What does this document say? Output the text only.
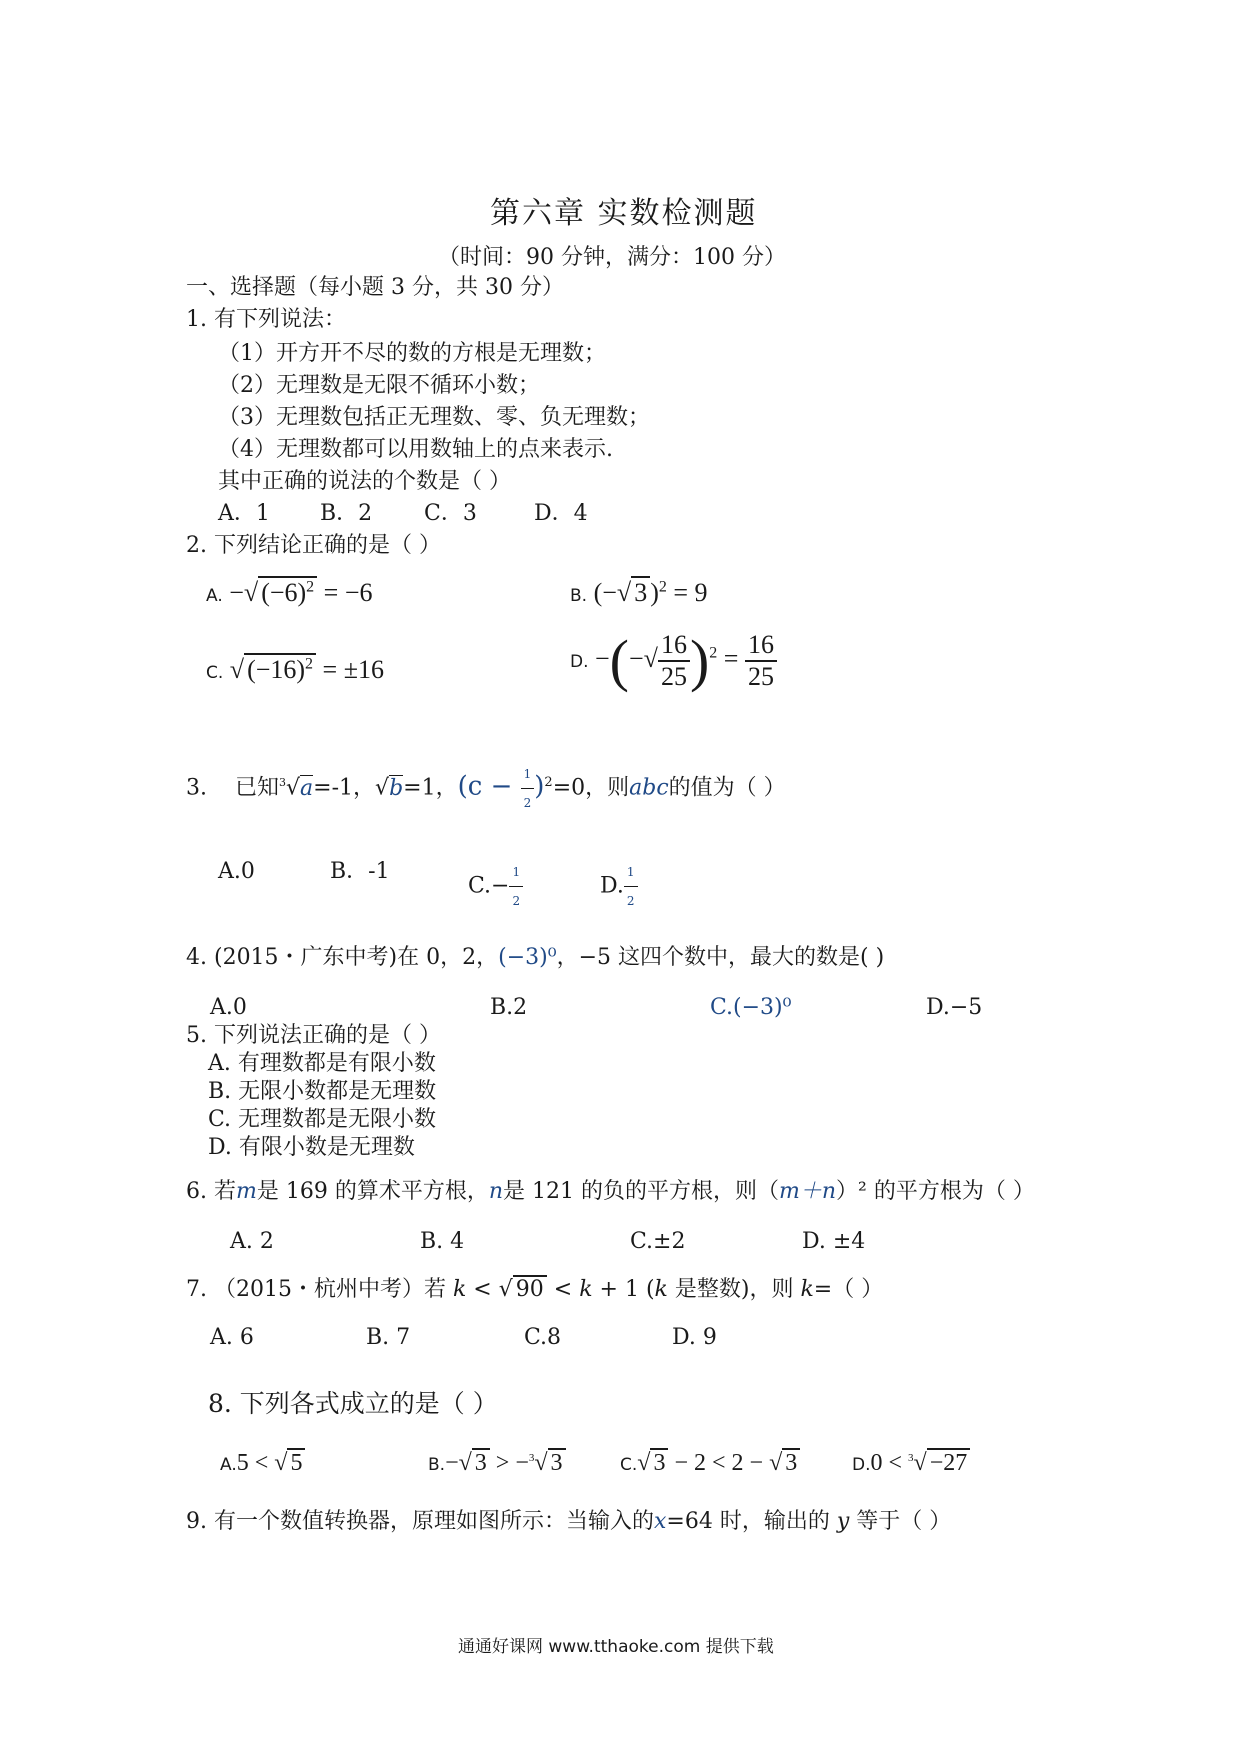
第六章 实数检测题
（时间：90 分钟，满分：100 分）
一、选择题（每小题 3 分，共 30 分）
1. 有下列说法：
（1）开方开不尽的数的方根是无理数；
（2）无理数是无限不循环小数；
（3）无理数包括正无理数、零、负无理数；
（4）无理数都可以用数轴上的点来表示.
其中正确的说法的个数是（ ）
A．1 B．2 C．3	D．4
2. 下列结论正确的是（ ）
A. −√ $(-6)^2 = -6$	B. (−√ 3 )$^2$ = 9
C. √ $(-16)^2 = \pm 16$	D. −(−√ $\frac{16}{25} )^2 = \frac{16}{25}$
3. 已知$^3$√a=-1，√b=1，$(c - \frac{1}{2} )^2=0$，则abc的值为（ ）
A.0	B．-1
$C.- \frac{1}{2}$	D. $\frac{1}{2}$
4. (2015・广东中考)在 0，2，(−3)⁰，−5 这四个数中，最大的数是( )
A.0	B.2	C.(−3)⁰	D.−5
5. 下列说法正确的是（ ）
A. 有理数都是有限小数
B. 无限小数都是无理数
C. 无理数都是无限小数
D. 有限小数是无理数
6. 若m是 169 的算术平方根，n是 121 的负的平方根，则（m＋n）² 的平方根为（ ）
A. 2	B. 4	C.±2	D. ±4
7. （2015・杭州中考）若 k < √ 90 < k + 1 (k 是整数)，则 k=（ ）
A. 6	B. 7	C.8	D. 9
8. 下列各式成立的是（ ）
A.5 < √ 5	B.−√ 3 > −$^3$√ 3	C.√ 3 − 2 < 2 − √ 3	D.0 < $^3$√ −27
9. 有一个数值转换器，原理如图所示：当输入的x=64 时，输出的 y 等于（ ）
通通好课网 www.tthaoke.com 提供下载
